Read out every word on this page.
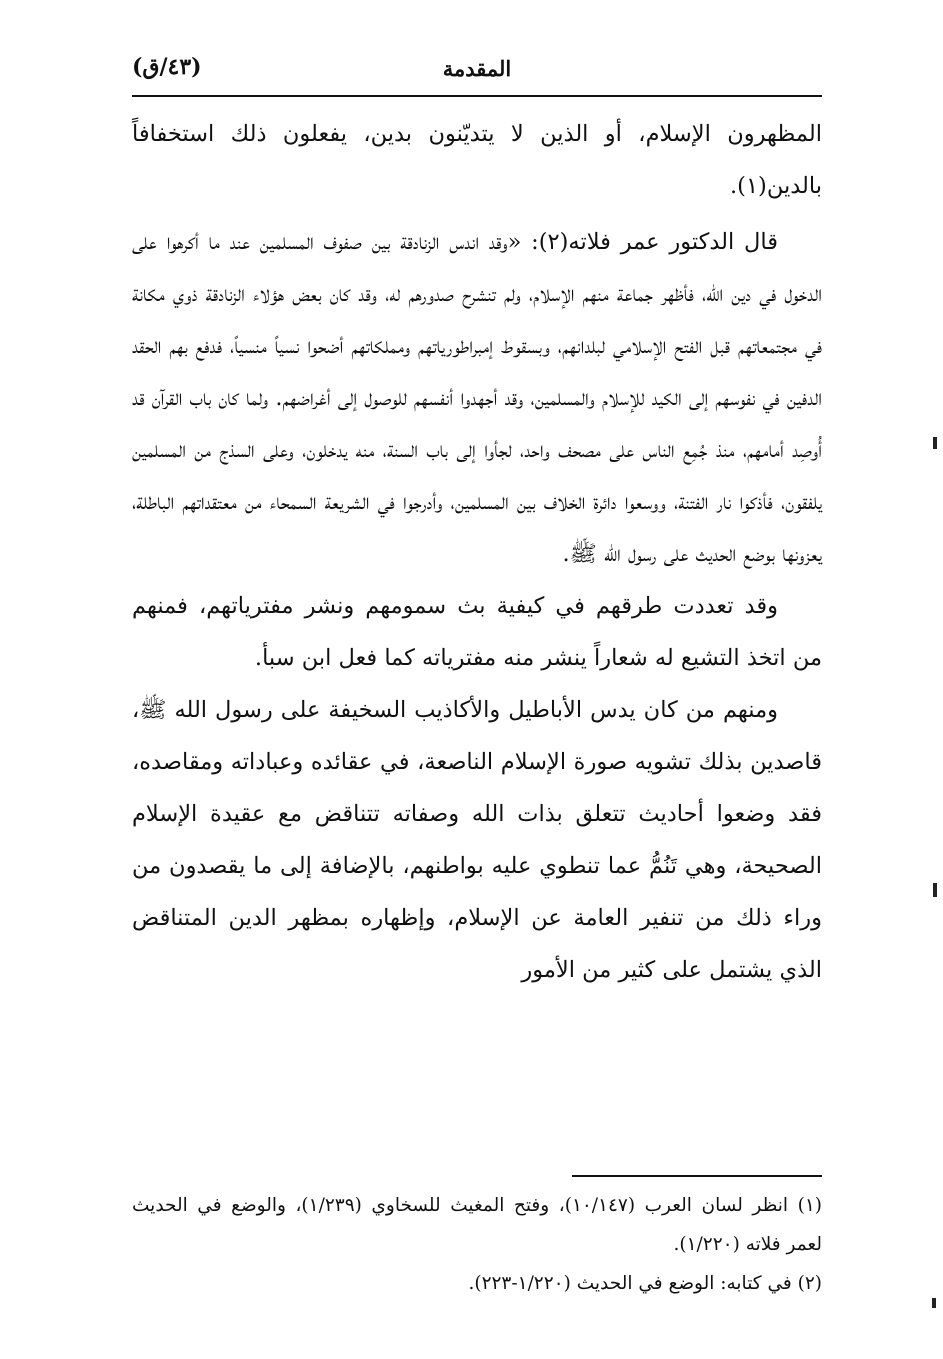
المقدمة
(٤٣/ق)

المظهرون الإسلام، أو الذين لا يتديّنون بدين، يفعلون ذلك استخفافاً بالدين(١).

قال الدكتور عمر فلاته(٢): «وقد اندس الزنادقة بين صفوف المسلمين عند ما أكرهوا على الدخول في دين الله، فأظهر جماعة منهم الإسلام، ولم تنشرح صدورهم له، وقد كان بعض هؤلاء الزنادقة ذوي مكانة في مجتمعاتهم قبل الفتح الإسلامي لبلدانهم، وبسقوط إمبراطورياتهم ومملكاتهم أضحوا نسياً منسياً، فدفع بهم الحقد الدفين في نفوسهم إلى الكيد للإسلام والمسلمين، وقد أجهدوا أنفسهم للوصول إلى أغراضهم. ولما كان باب القرآن قد أُوصِد أمامهم، منذ جُمِع الناس على مصحف واحد، لجأوا إلى باب السنة، منه يدخلون، وعلى السذج من المسلمين يلفقون، فأذكوا نار الفتنة، ووسعوا دائرة الخلاف بين المسلمين، وأدرجوا في الشريعة السمحاء من معتقداتهم الباطلة، يعزونها بوضع الحديث على رسول الله ﷺ.

وقد تعددت طرقهم في كيفية بث سمومهم ونشر مفترياتهم، فمنهم من اتخذ التشيع له شعاراً ينشر منه مفترياته كما فعل ابن سبأ.

ومنهم من كان يدس الأباطيل والأكاذيب السخيفة على رسول الله ﷺ، قاصدين بذلك تشويه صورة الإسلام الناصعة، في عقائده وعباداته ومقاصده، فقد وضعوا أحاديث تتعلق بذات الله وصفاته تتناقض مع عقيدة الإسلام الصحيحة، وهي تَنُمُّ عما تنطوي عليه بواطنهم، بالإضافة إلى ما يقصدون من وراء ذلك من تنفير العامة عن الإسلام، وإظهاره بمظهر الدين المتناقض الذي يشتمل على كثير من الأمور

(١) انظر لسان العرب (١٠/١٤٧)، وفتح المغيث للسخاوي (١/٢٣٩)، والوضع في الحديث لعمر فلاته (١/٢٢٠).

(٢) في كتابه: الوضع في الحديث (١/٢٢٠-٢٢٣).
